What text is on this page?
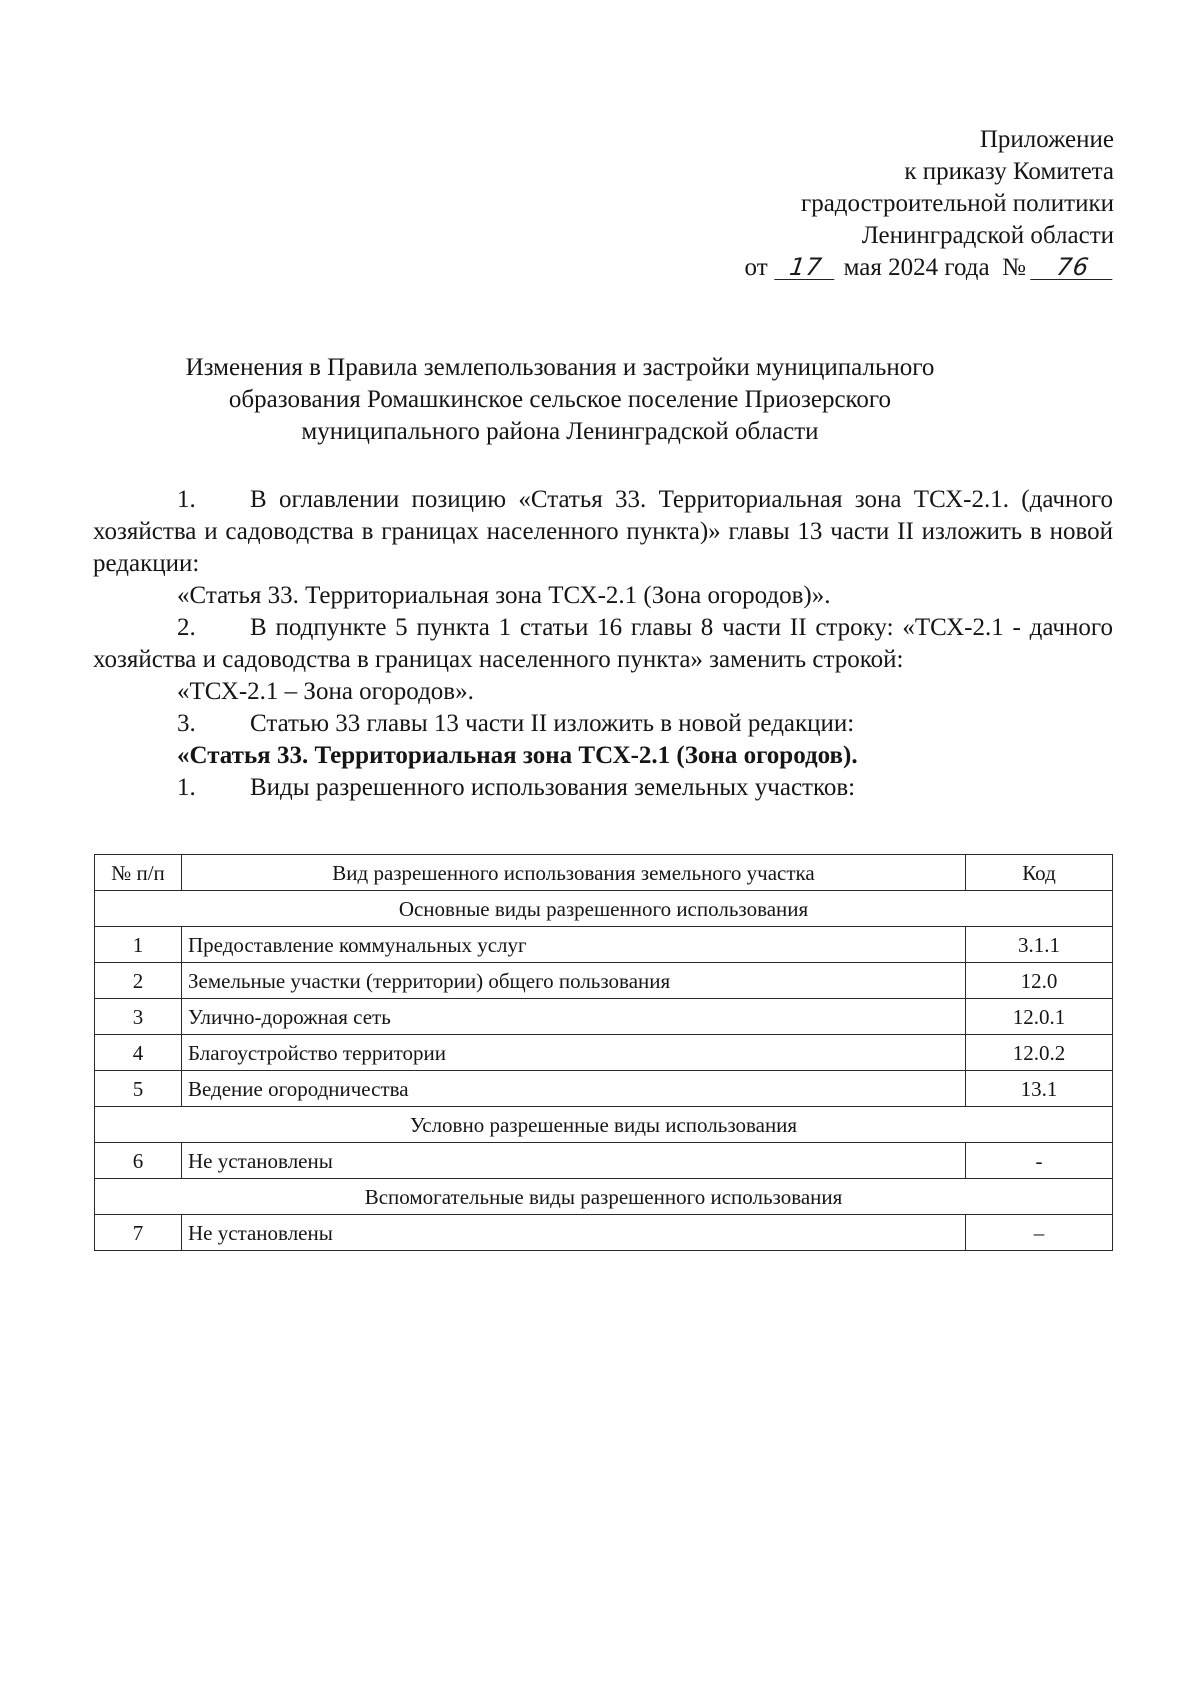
Приложение
к приказу Комитета
градостроительной политики
Ленинградской области
от 17 мая 2024 года № 76
Изменения в Правила землепользования и застройки муниципального
образования Ромашкинское сельское поселение Приозерского
муниципального района Ленинградской области

1. В оглавлении позицию «Статья 33. Территориальная зона ТСХ-2.1. (дачного хозяйства и садоводства в границах населенного пункта)» главы 13 части II изложить в новой редакции:

«Статья 33. Территориальная зона ТСХ-2.1 (Зона огородов)».

2. В подпункте 5 пункта 1 статьи 16 главы 8 части II строку: «ТСХ-2.1 - дачного хозяйства и садоводства в границах населенного пункта» заменить строкой:

«ТСХ-2.1 – Зона огородов».

3. Статью 33 главы 13 части II изложить в новой редакции:

«Статья 33. Территориальная зона ТСХ-2.1 (Зона огородов).

1. Виды разрешенного использования земельных участков:

№ п/п	Вид разрешенного использования земельного участка	Код
Основные виды разрешенного использования		
1	Предоставление коммунальных услуг	3.1.1
2	Земельные участки (территории) общего пользования	12.0
3	Улично-дорожная сеть	12.0.1
4	Благоустройство территории	12.0.2
5	Ведение огородничества	13.1
Условно разрешенные виды использования		
6	Не установлены	-
Вспомогательные виды разрешенного использования		
7	Не установлены	–
